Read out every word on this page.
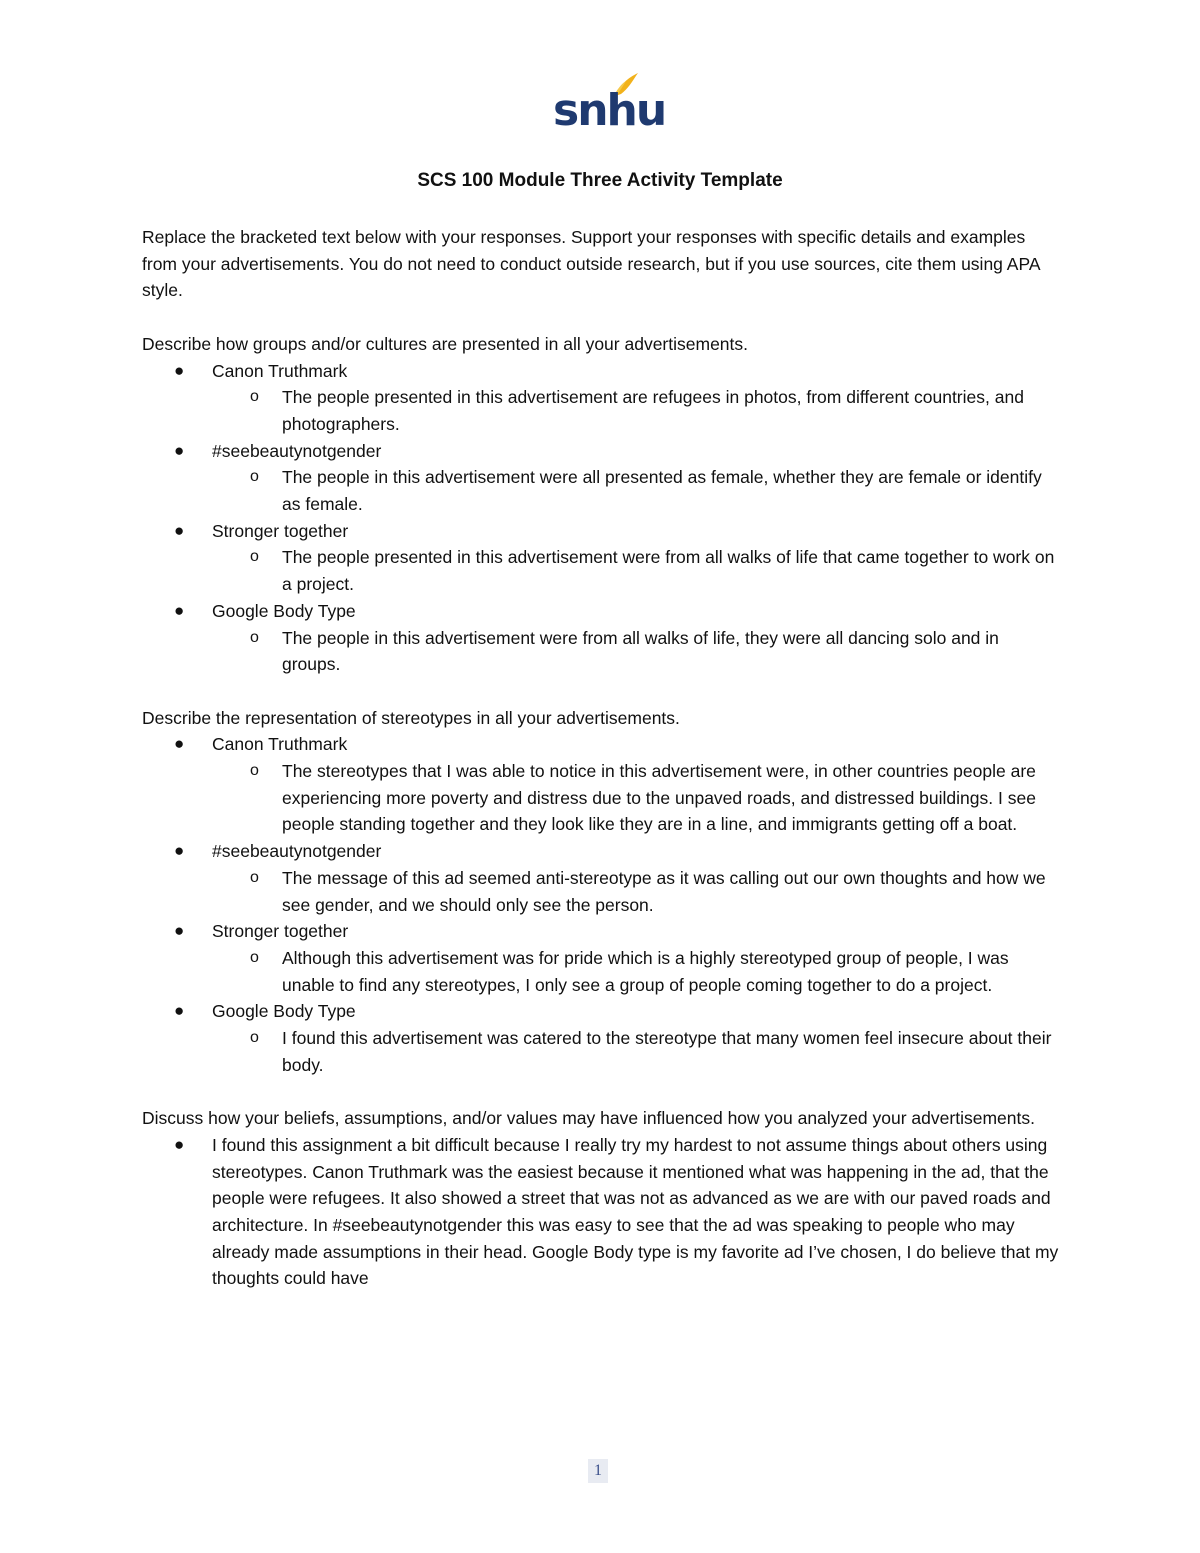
snhu
SCS 100 Module Three Activity Template

Replace the bracketed text below with your responses. Support your responses with specific details and examples from your advertisements. You do not need to conduct outside research, but if you use sources, cite them using APA style.

Describe how groups and/or cultures are presented in all your advertisements.

● Canon Truthmark
o The people presented in this advertisement are refugees in photos, from different countries, and photographers.
● #seebeautynotgender
o The people in this advertisement were all presented as female, whether they are female or identify as female.
● Stronger together
o The people presented in this advertisement were from all walks of life that came together to work on a project.
● Google Body Type
o The people in this advertisement were from all walks of life, they were all dancing solo and in groups.

Describe the representation of stereotypes in all your advertisements.

● Canon Truthmark
o The stereotypes that I was able to notice in this advertisement were, in other countries people are experiencing more poverty and distress due to the unpaved roads, and distressed buildings. I see people standing together and they look like they are in a line, and immigrants getting off a boat.
● #seebeautynotgender
o The message of this ad seemed anti-stereotype as it was calling out our own thoughts and how we see gender, and we should only see the person.
● Stronger together
o Although this advertisement was for pride which is a highly stereotyped group of people, I was unable to find any stereotypes, I only see a group of people coming together to do a project.
● Google Body Type
o I found this advertisement was catered to the stereotype that many women feel insecure about their body.

Discuss how your beliefs, assumptions, and/or values may have influenced how you analyzed your advertisements.

● I found this assignment a bit difficult because I really try my hardest to not assume things about others using stereotypes. Canon Truthmark was the easiest because it mentioned what was happening in the ad, that the people were refugees. It also showed a street that was not as advanced as we are with our paved roads and architecture. In #seebeautynotgender this was easy to see that the ad was speaking to people who may already made assumptions in their head. Google Body type is my favorite ad I’ve chosen, I do believe that my thoughts could have
1
